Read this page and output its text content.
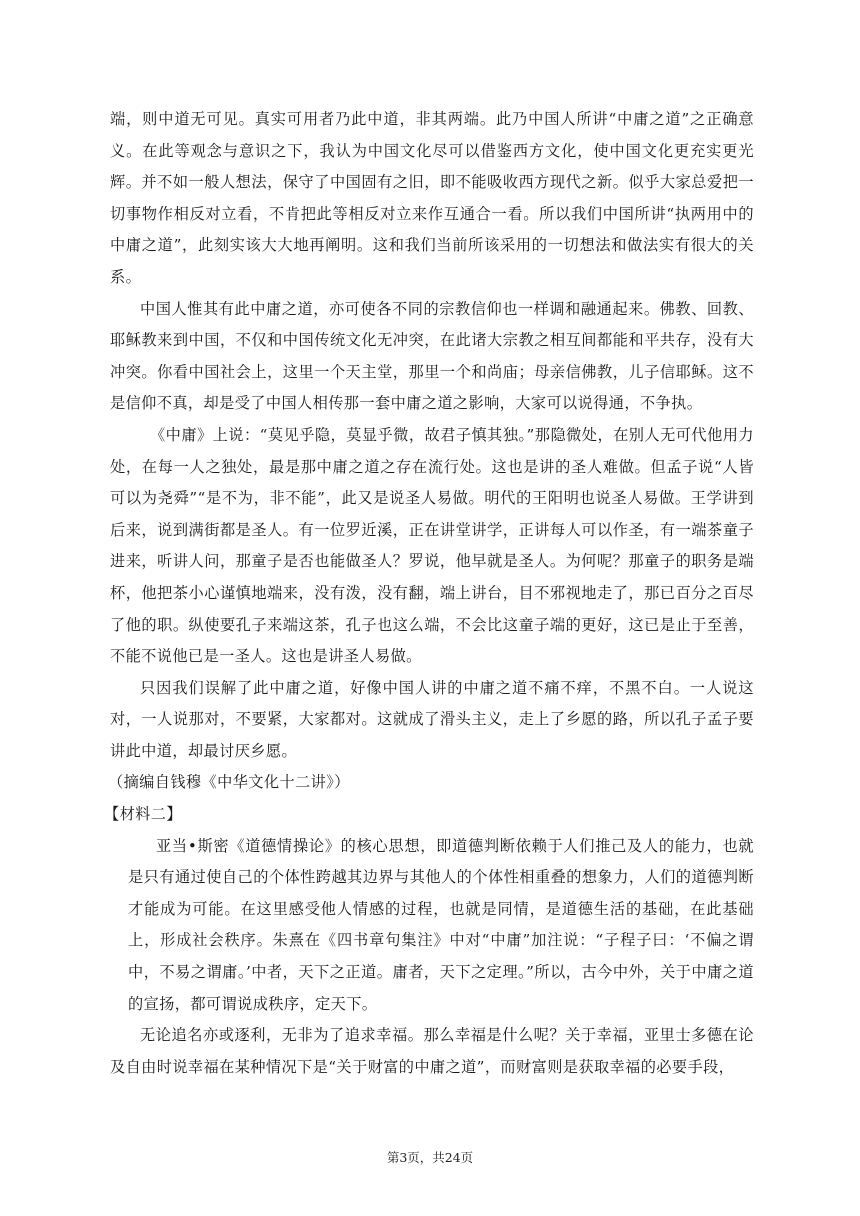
端，则中道无可见。真实可用者乃此中道，非其两端。此乃中国人所讲“中庸之道”之正确意义。在此等观念与意识之下，我认为中国文化尽可以借鉴西方文化，使中国文化更充实更光辉。并不如一般人想法，保守了中国固有之旧，即不能吸收西方现代之新。似乎大家总爱把一切事物作相反对立看，不肯把此等相反对立来作互通合一看。所以我们中国所讲“执两用中的中庸之道”，此刻实该大大地再阐明。这和我们当前所该采用的一切想法和做法实有很大的关系。

中国人惟其有此中庸之道，亦可使各不同的宗教信仰也一样调和融通起来。佛教、回教、耶稣教来到中国，不仅和中国传统文化无冲突，在此诸大宗教之相互间都能和平共存，没有大冲突。你看中国社会上，这里一个天主堂，那里一个和尚庙；母亲信佛教，儿子信耶稣。这不是信仰不真，却是受了中国人相传那一套中庸之道之影响，大家可以说得通，不争执。

《中庸》上说：“莫见乎隐，莫显乎微，故君子慎其独。”那隐微处，在别人无可代他用力处，在每一人之独处，最是那中庸之道之存在流行处。这也是讲的圣人难做。但孟子说“人皆可以为尧舜”“是不为，非不能”，此又是说圣人易做。明代的王阳明也说圣人易做。王学讲到后来，说到满街都是圣人。有一位罗近溪，正在讲堂讲学，正讲每人可以作圣，有一端茶童子进来，听讲人问，那童子是否也能做圣人？罗说，他早就是圣人。为何呢？那童子的职务是端杯，他把茶小心谨慎地端来，没有泼，没有翻，端上讲台，目不邪视地走了，那已百分之百尽了他的职。纵使要孔子来端这茶，孔子也这么端，不会比这童子端的更好，这已是止于至善，不能不说他已是一圣人。这也是讲圣人易做。

只因我们误解了此中庸之道，好像中国人讲的中庸之道不痛不痒，不黑不白。一人说这对，一人说那对，不要紧，大家都对。这就成了滑头主义，走上了乡愿的路，所以孔子孟子要讲此中道，却最讨厌乡愿。

（摘编自钱穆《中华文化十二讲》）

【材料二】

亚当•斯密《道德情操论》的核心思想，即道德判断依赖于人们推己及人的能力，也就是只有通过使自己的个体性跨越其边界与其他人的个体性相重叠的想象力，人们的道德判断才能成为可能。在这里感受他人情感的过程，也就是同情，是道德生活的基础，在此基础上，形成社会秩序。朱熹在《四书章句集注》中对“中庸”加注说：“子程子曰：‘不偏之谓中，不易之谓庸。’中者，天下之正道。庸者，天下之定理。”所以，古今中外，关于中庸之道的宣扬，都可谓说成秩序，定天下。

无论追名亦或逐利，无非为了追求幸福。那么幸福是什么呢？关于幸福，亚里士多德在论及自由时说幸福在某种情况下是“关于财富的中庸之道”，而财富则是获取幸福的必要手段，

第3页，共24页
